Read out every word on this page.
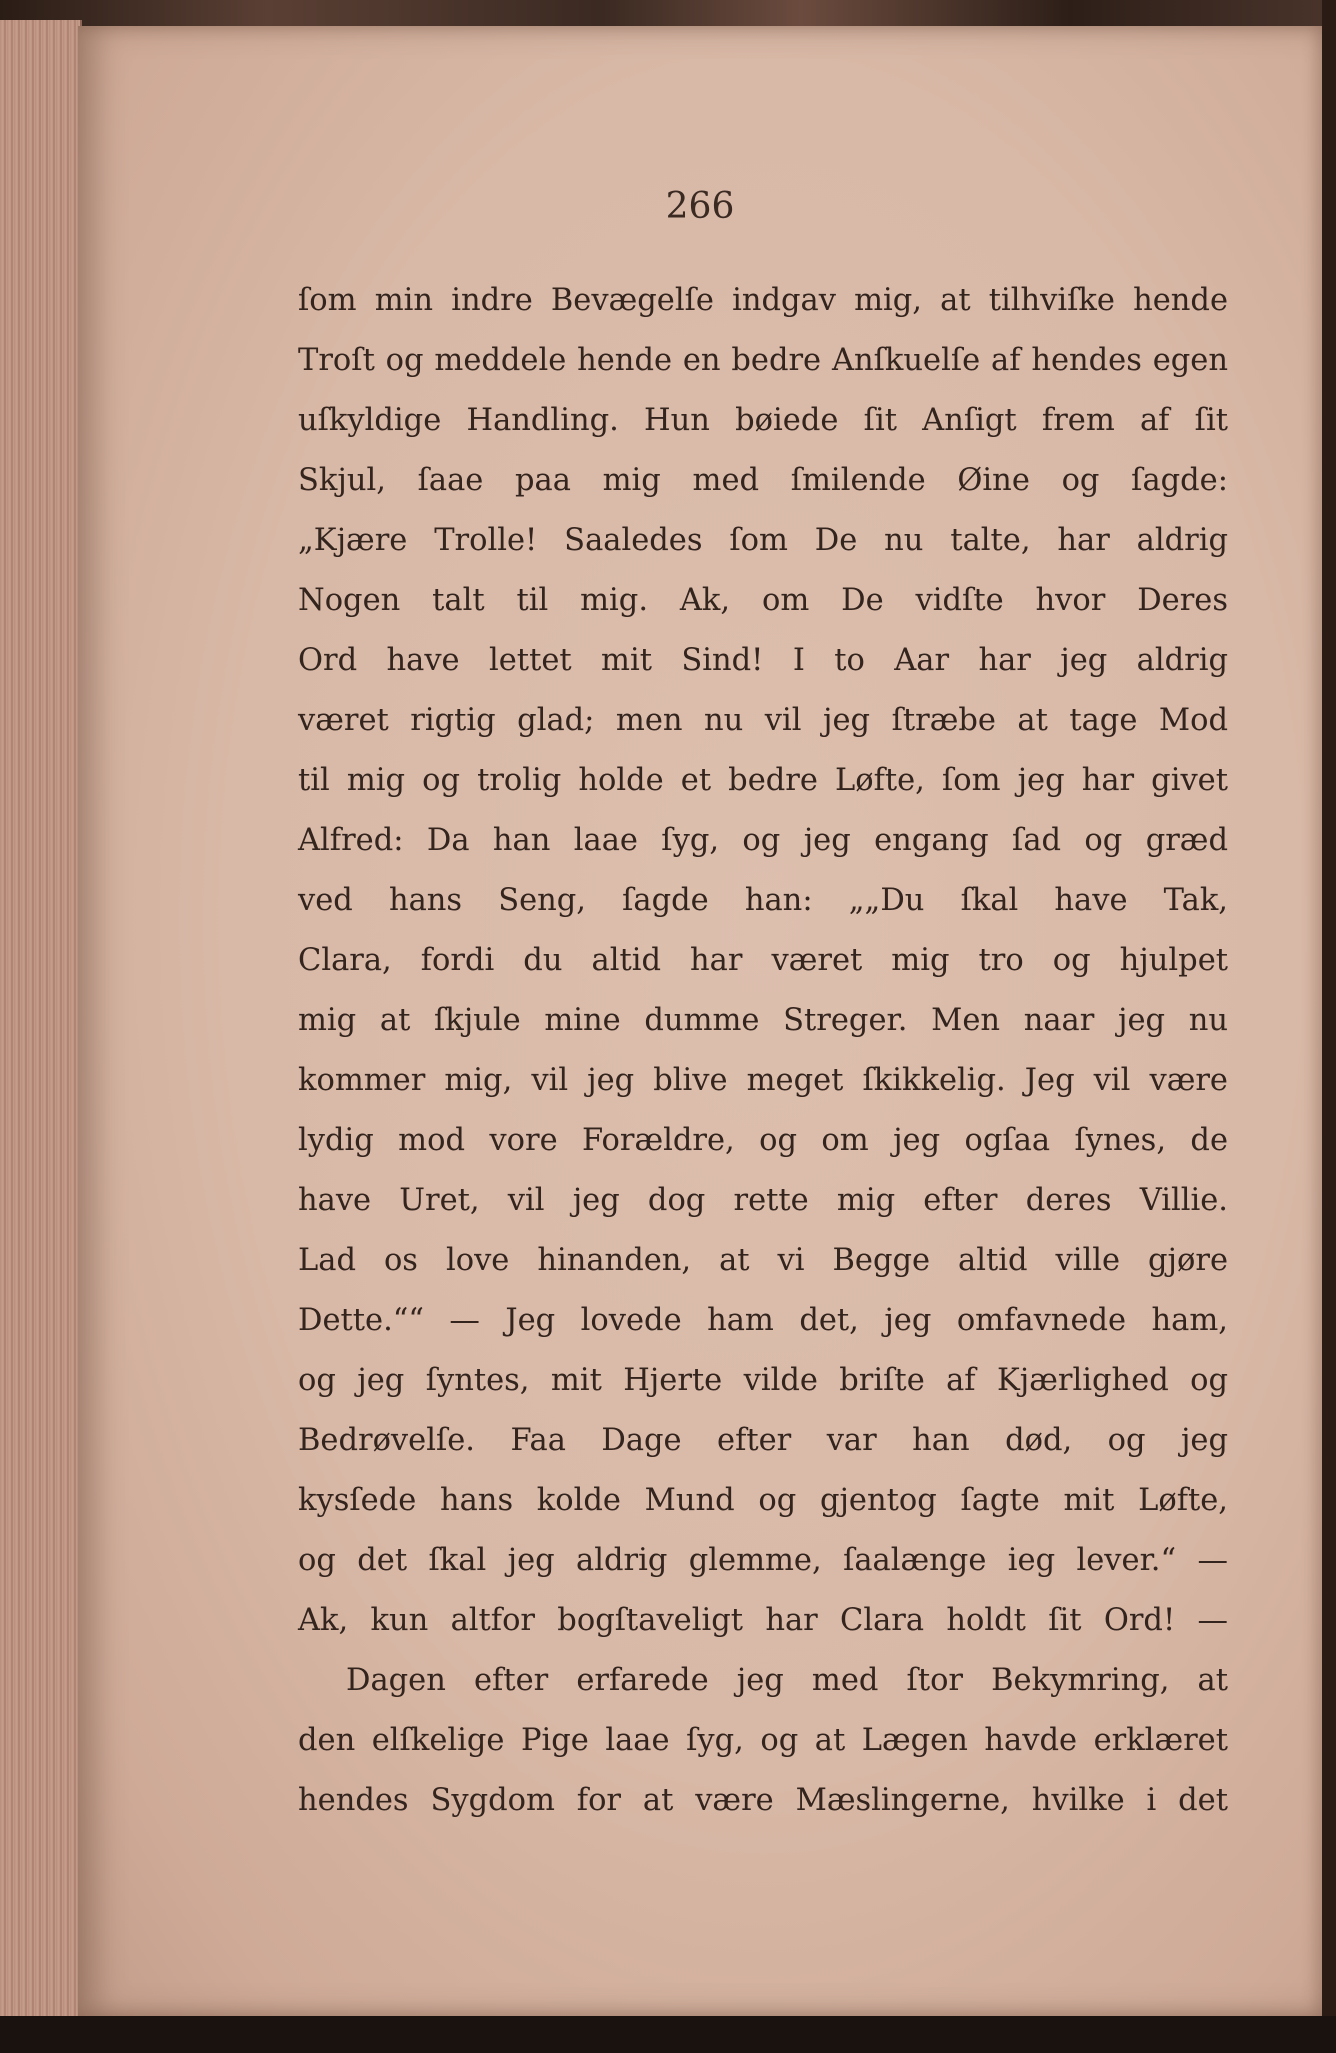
266
ſom min indre Bevægelſe indgav mig, at tilhviſke hende
Troſt og meddele hende en bedre Anſkuelſe af hendes egen
uſkyldige Handling. Hun bøiede ſit Anſigt frem af ſit
Skjul, ſaae paa mig med ſmilende Øine og ſagde:
„Kjære Trolle! Saaledes ſom De nu talte, har aldrig
Nogen talt til mig. Ak, om De vidſte hvor Deres
Ord have lettet mit Sind! I to Aar har jeg aldrig
været rigtig glad; men nu vil jeg ſtræbe at tage Mod
til mig og trolig holde et bedre Løfte, ſom jeg har givet
Alfred: Da han laae ſyg, og jeg engang ſad og græd
ved hans Seng, ſagde han: „„Du ſkal have Tak,
Clara, fordi du altid har været mig tro og hjulpet
mig at ſkjule mine dumme Streger. Men naar jeg nu
kommer mig, vil jeg blive meget ſkikkelig. Jeg vil være
lydig mod vore Forældre, og om jeg ogſaa ſynes, de
have Uret, vil jeg dog rette mig efter deres Villie.
Lad os love hinanden, at vi Begge altid ville gjøre
Dette.““ — Jeg lovede ham det, jeg omfavnede ham,
og jeg ſyntes, mit Hjerte vilde briſte af Kjærlighed og
Bedrøvelſe. Faa Dage efter var han død, og jeg
kysſede hans kolde Mund og gjentog ſagte mit Løfte,
og det ſkal jeg aldrig glemme, ſaalænge ieg lever.“ —
Ak, kun altfor bogſtaveligt har Clara holdt ſit Ord! —
Dagen efter erfarede jeg med ſtor Bekymring, at
den elſkelige Pige laae ſyg, og at Lægen havde erklæret
hendes Sygdom for at være Mæslingerne, hvilke i det
